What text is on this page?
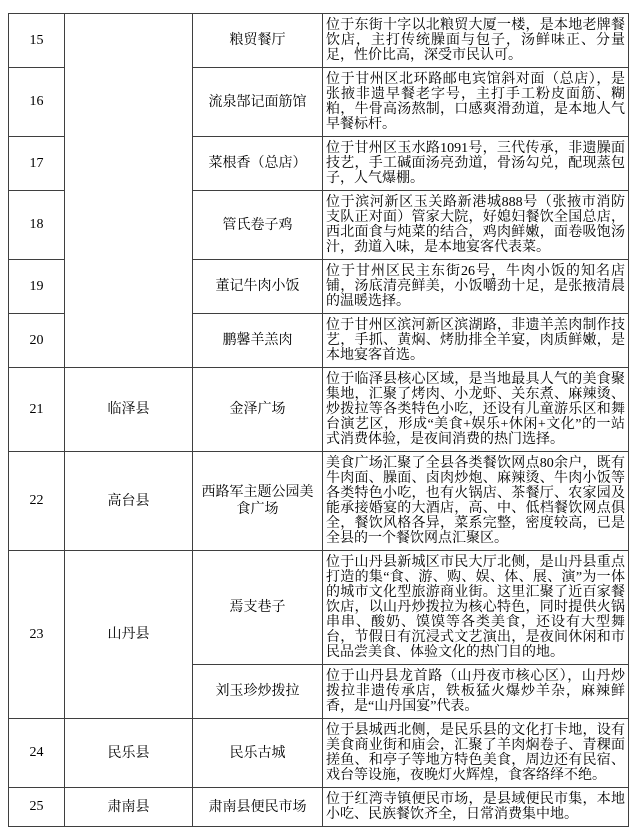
15		粮贸餐厅	位于东街十字以北粮贸大厦一楼，是本地老牌餐饮店，主打传统臊面与包子，汤鲜味正、分量足，性价比高，深受市民认可。
16		流泉郜记面筋馆	位于甘州区北环路邮电宾馆斜对面（总店），是张掖非遗早餐老字号，主打手工粉皮面筋、糊粕，牛骨高汤熬制，口感爽滑劲道，是本地人气早餐标杆。
17		菜根香（总店）	位于甘州区玉水路1091号，三代传承，非遗臊面技艺，手工碱面汤亮劲道，骨汤勾兑，配现蒸包子，人气爆棚。
18		管氏卷子鸡	位于滨河新区玉关路新港城888号（张掖市消防支队正对面）管家大院，好媳妇餐饮全国总店，西北面食与炖菜的结合，鸡肉鲜嫩，面卷吸饱汤汁，劲道入味，是本地宴客代表菜。
19		董记牛肉小饭	位于甘州区民主东街26号，牛肉小饭的知名店铺，汤底清亮鲜美，小饭嚼劲十足，是张掖清晨的温暖选择。
20		鹏馨羊羔肉	位于甘州区滨河新区滨湖路，非遗羊羔肉制作技艺，手抓、黄焖、烤肋排全羊宴，肉质鲜嫩，是本地宴客首选。
21	临泽县	金泽广场	位于临泽县核心区域，是当地最具人气的美食聚集地，汇聚了烤肉、小龙虾、关东煮、麻辣烫、炒拨拉等各类特色小吃，还设有儿童游乐区和舞台演艺区，形成“美食+娱乐+休闲+文化”的一站式消费体验，是夜间消费的热门选择。
22	高台县	西路军主题公园美食广场	美食广场汇聚了全县各类餐饮网点80余户，既有牛肉面、臊面、卤肉炒炮、麻辣烫、牛肉小饭等各类特色小吃，也有火锅店、茶餐厅、农家园及能承接婚宴的大酒店，高、中、低档餐饮网点俱全，餐饮风格各异，菜系完整，密度较高，已是全县的一个餐饮网点汇聚区。
23	山丹县	焉支巷子	位于山丹县新城区市民大厅北侧，是山丹县重点打造的集“食、游、购、娱、体、展、演”为一体的城市文化型旅游商业街。这里汇聚了近百家餐饮店，以山丹炒拨拉为核心特色，同时提供火锅串串、酸奶、馍馍等各类美食，还设有大型舞台，节假日有沉浸式文艺演出，是夜间休闲和市民品尝美食、体验文化的热门目的地。
		刘玉珍炒拨拉	位于山丹县龙首路（山丹夜市核心区），山丹炒拨拉非遗传承店，铁板猛火爆炒羊杂，麻辣鲜香，是“山丹国宴”代表。
24	民乐县	民乐古城	位于县城西北侧，是民乐县的文化打卡地，设有美食商业街和庙会，汇聚了羊肉焖卷子、青稞面搓鱼、和亭子等地方特色美食，周边还有民宿、戏台等设施，夜晚灯火辉煌，食客络绎不绝。
25	肃南县	肃南县便民市场	位于红湾寺镇便民市场，是县域便民市集，本地小吃、民族餐饮齐全，日常消费集中地。
